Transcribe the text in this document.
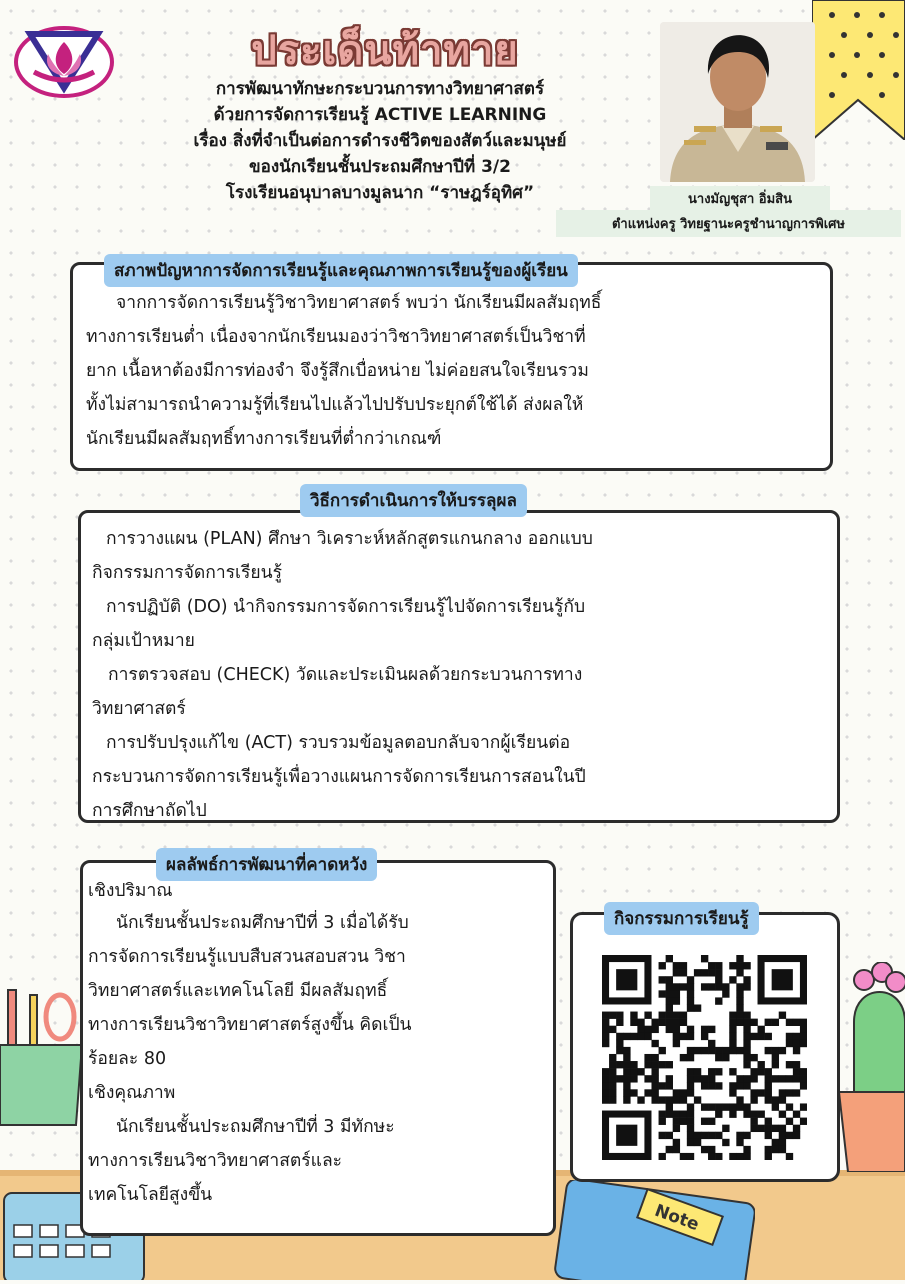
ประเด็นท้าทาย
การพัฒนาทักษะกระบวนการทางวิทยาศาสตร์
ด้วยการจัดการเรียนรู้ ACTIVE LEARNING
เรื่อง สิ่งที่จำเป็นต่อการดำรงชีวิตของสัตว์และมนุษย์
ของนักเรียนชั้นประถมศึกษาปีที่ 3/2
โรงเรียนอนุบาลบางมูลนาก “ราษฎร์อุทิศ”	นางมัญชุสา อิ่มสิน
ตำแหน่งครู วิทยฐานะครูชำนาญการพิเศษ
สภาพปัญหาการจัดการเรียนรู้และคุณภาพการเรียนรู้ของผู้เรียน
จากการจัดการเรียนรู้วิชาวิทยาศาสตร์ พบว่า นักเรียนมีผลสัมฤทธิ์
ทางการเรียนต่ำ เนื่องจากนักเรียนมองว่าวิชาวิทยาศาสตร์เป็นวิชาที่
ยาก เนื้อหาต้องมีการท่องจำ จึงรู้สึกเบื่อหน่าย ไม่ค่อยสนใจเรียนรวม
ทั้งไม่สามารถนำความรู้ที่เรียนไปแล้วไปปรับประยุกต์ใช้ได้ ส่งผลให้
นักเรียนมีผลสัมฤทธิ์ทางการเรียนที่ต่ำกว่าเกณฑ์
วิธีการดำเนินการให้บรรลุผล
การวางแผน (PLAN) ศึกษา วิเคราะห์หลักสูตรแกนกลาง ออกแบบ
กิจกรรมการจัดการเรียนรู้
การปฏิบัติ (DO) นำกิจกรรมการจัดการเรียนรู้ไปจัดการเรียนรู้กับ
กลุ่มเป้าหมาย
การตรวจสอบ (CHECK) วัดและประเมินผลด้วยกระบวนการทาง
วิทยาศาสตร์
การปรับปรุงแก้ไข (ACT) รวบรวมข้อมูลตอบกลับจากผู้เรียนต่อ
กระบวนการจัดการเรียนรู้เพื่อวางแผนการจัดการเรียนการสอนในปี
การศึกษาถัดไป
Note
ผลลัพธ์การพัฒนาที่คาดหวัง
เชิงปริมาณ
นักเรียนชั้นประถมศึกษาปีที่ 3 เมื่อได้รับ
การจัดการเรียนรู้แบบสืบสวนสอบสวน วิชา
วิทยาศาสตร์และเทคโนโลยี มีผลสัมฤทธิ์
ทางการเรียนวิชาวิทยาศาสตร์สูงขึ้น คิดเป็น
ร้อยละ 80
เชิงคุณภาพ
นักเรียนชั้นประถมศึกษาปีที่ 3 มีทักษะ
ทางการเรียนวิชาวิทยาศาสตร์และ
เทคโนโลยีสูงขึ้น
กิจกรรมการเรียนรู้
